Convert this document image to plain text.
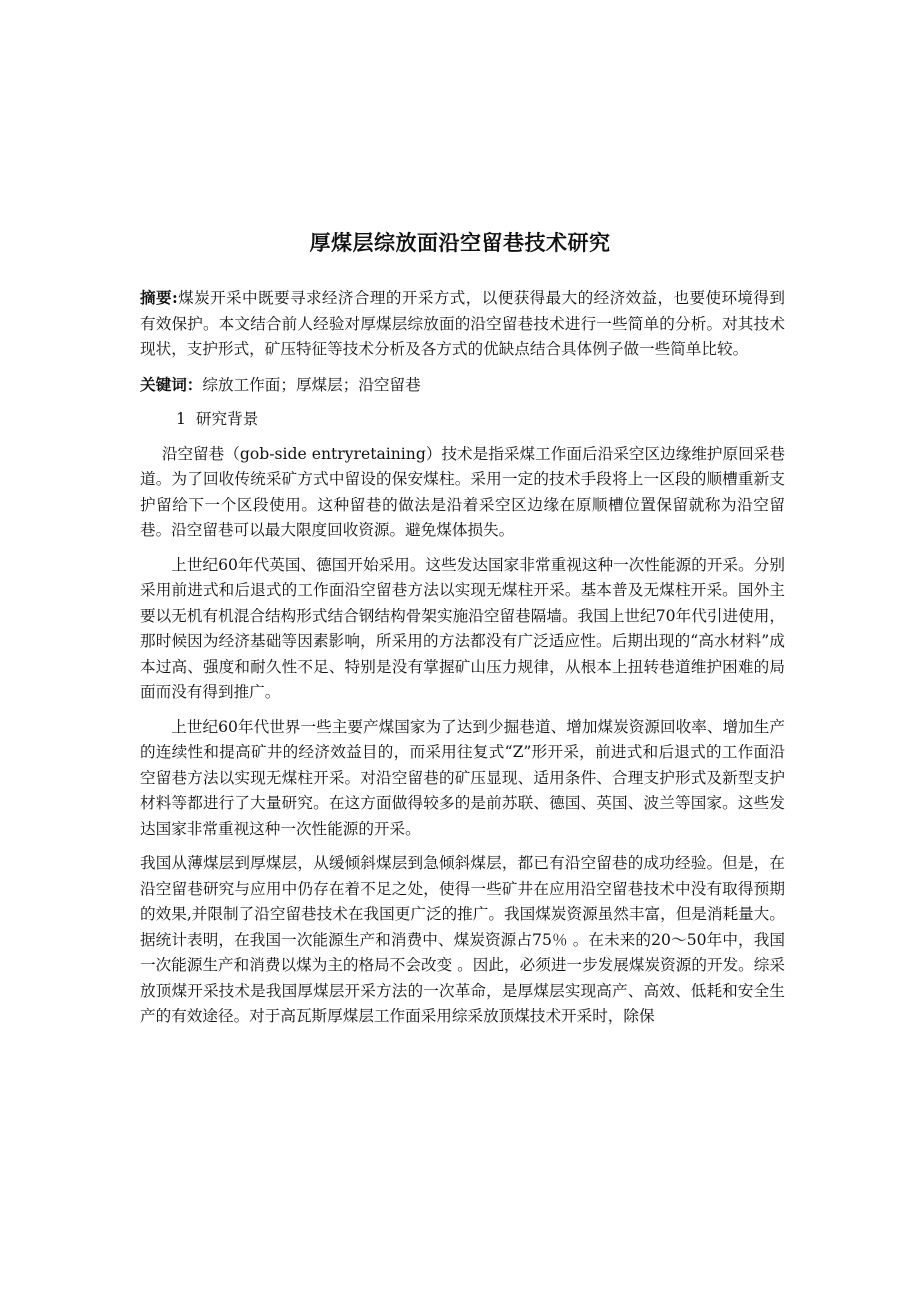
厚煤层综放面沿空留巷技术研究

摘要:煤炭开采中既要寻求经济合理的开采方式，以便获得最大的经济效益，也要使环境得到有效保护。本文结合前人经验对厚煤层综放面的沿空留巷技术进行一些简单的分析。对其技术现状，支护形式，矿压特征等技术分析及各方式的优缺点结合具体例子做一些简单比较。

关键词：综放工作面；厚煤层；沿空留巷

1 研究背景

沿空留巷（gob-side entryretaining）技术是指采煤工作面后沿采空区边缘维护原回采巷道。为了回收传统采矿方式中留设的保安煤柱。采用一定的技术手段将上一区段的顺槽重新支护留给下一个区段使用。这种留巷的做法是沿着采空区边缘在原顺槽位置保留就称为沿空留巷。沿空留巷可以最大限度回收资源。避免煤体损失。

上世纪60年代英国、德国开始采用。这些发达国家非常重视这种一次性能源的开采。分别采用前进式和后退式的工作面沿空留巷方法以实现无煤柱开采。基本普及无煤柱开采。国外主要以无机有机混合结构形式结合钢结构骨架实施沿空留巷隔墙。我国上世纪70年代引进使用，那时候因为经济基础等因素影响，所采用的方法都没有广泛适应性。后期出现的“高水材料”成本过高、强度和耐久性不足、特别是没有掌握矿山压力规律，从根本上扭转巷道维护困难的局面而没有得到推广。

上世纪60年代世界一些主要产煤国家为了达到少掘巷道、增加煤炭资源回收率、增加生产的连续性和提高矿井的经济效益目的，而采用往复式“Z”形开采，前进式和后退式的工作面沿空留巷方法以实现无煤柱开采。对沿空留巷的矿压显现、适用条件、合理支护形式及新型支护材料等都进行了大量研究。在这方面做得较多的是前苏联、德国、英国、波兰等国家。这些发达国家非常重视这种一次性能源的开采。

我国从薄煤层到厚煤层，从缓倾斜煤层到急倾斜煤层，都已有沿空留巷的成功经验。但是，在沿空留巷研究与应用中仍存在着不足之处，使得一些矿井在应用沿空留巷技术中没有取得预期的效果,并限制了沿空留巷技术在我国更广泛的推广。我国煤炭资源虽然丰富，但是消耗量大。据统计表明，在我国一次能源生产和消费中、煤炭资源占75％ 。在未来的20～50年中，我国一次能源生产和消费以煤为主的格局不会改变 。因此，必须进一步发展煤炭资源的开发。综采放顶煤开采技术是我国厚煤层开采方法的一次革命，是厚煤层实现高产、高效、低耗和安全生产的有效途径。对于高瓦斯厚煤层工作面采用综采放顶煤技术开采时，除保
